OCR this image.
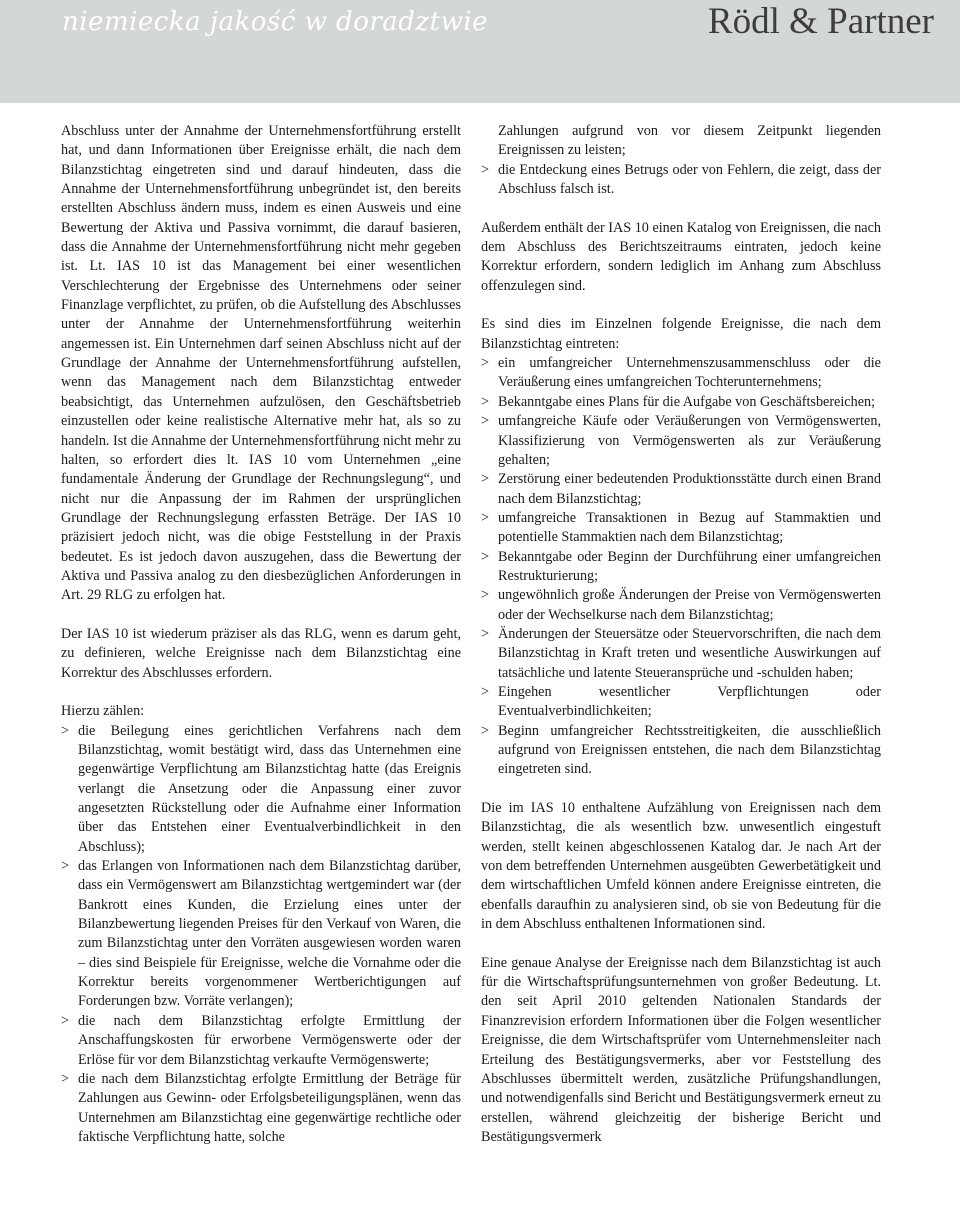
niemiecka jakość w doradztwie	Rödl & Partner

Abschluss unter der Annahme der Unternehmensfortführung erstellt hat, und dann Informationen über Ereignisse erhält, die nach dem Bilanzstichtag eingetreten sind und darauf hindeuten, dass die Annahme der Unternehmensfortführung unbegründet ist, den bereits erstellten Abschluss ändern muss, indem es einen Ausweis und eine Bewertung der Aktiva und Passiva vornimmt, die darauf basieren, dass die Annahme der Unternehmensfortführung nicht mehr gegeben ist. Lt. IAS 10 ist das Management bei einer wesentlichen Verschlechterung der Ergebnisse des Unternehmens oder seiner Finanzlage verpflichtet, zu prüfen, ob die Aufstellung des Abschlusses unter der Annahme der Unternehmensfortführung weiterhin angemessen ist. Ein Unternehmen darf seinen Abschluss nicht auf der Grundlage der Annahme der Unternehmensfortführung aufstellen, wenn das Management nach dem Bilanzstichtag entweder beabsichtigt, das Unternehmen aufzulösen, den Geschäftsbetrieb einzustellen oder keine realistische Alternative mehr hat, als so zu handeln. Ist die Annahme der Unternehmensfortführung nicht mehr zu halten, so erfordert dies lt. IAS 10 vom Unternehmen „eine fundamentale Änderung der Grundlage der Rechnungslegung“, und nicht nur die Anpassung der im Rahmen der ursprünglichen Grundlage der Rechnungslegung erfassten Beträge. Der IAS 10 präzisiert jedoch nicht, was die obige Feststellung in der Praxis bedeutet. Es ist jedoch davon auszugehen, dass die Bewertung der Aktiva und Passiva analog zu den diesbezüglichen Anforderungen in Art. 29 RLG zu erfolgen hat.

Der IAS 10 ist wiederum präziser als das RLG, wenn es darum geht, zu definieren, welche Ereignisse nach dem Bilanzstichtag eine Korrektur des Abschlusses erfordern.

Hierzu zählen:

> die Beilegung eines gerichtlichen Verfahrens nach dem Bilanzstichtag, womit bestätigt wird, dass das Unternehmen eine gegenwärtige Verpflichtung am Bilanzstichtag hatte (das Ereignis verlangt die Ansetzung oder die Anpassung einer zuvor angesetzten Rückstellung oder die Aufnahme einer Information über das Entstehen einer Eventualverbindlichkeit in den Abschluss);
> das Erlangen von Informationen nach dem Bilanzstichtag darüber, dass ein Vermögenswert am Bilanzstichtag wertgemindert war (der Bankrott eines Kunden, die Erzielung eines unter der Bilanzbewertung liegenden Preises für den Verkauf von Waren, die zum Bilanzstichtag unter den Vorräten ausgewiesen worden waren – dies sind Beispiele für Ereignisse, welche die Vornahme oder die Korrektur bereits vorgenommener Wertberichtigungen auf Forderungen bzw. Vorräte verlangen);
> die nach dem Bilanzstichtag erfolgte Ermittlung der Anschaffungskosten für erworbene Vermögenswerte oder der Erlöse für vor dem Bilanzstichtag verkaufte Vermögenswerte;
> die nach dem Bilanzstichtag erfolgte Ermittlung der Beträge für Zahlungen aus Gewinn- oder Erfolgsbeteiligungsplänen, wenn das Unternehmen am Bilanzstichtag eine gegenwärtige rechtliche oder faktische Verpflichtung hatte, solche
Zahlungen aufgrund von vor diesem Zeitpunkt liegenden Ereignissen zu leisten;
> die Entdeckung eines Betrugs oder von Fehlern, die zeigt, dass der Abschluss falsch ist.

Außerdem enthält der IAS 10 einen Katalog von Ereignissen, die nach dem Abschluss des Berichtszeitraums eintraten, jedoch keine Korrektur erfordern, sondern lediglich im Anhang zum Abschluss offenzulegen sind.

Es sind dies im Einzelnen folgende Ereignisse, die nach dem Bilanzstichtag eintreten:

> ein umfangreicher Unternehmenszusammenschluss oder die Veräußerung eines umfangreichen Tochterunternehmens;
> Bekanntgabe eines Plans für die Aufgabe von Geschäftsbereichen;
> umfangreiche Käufe oder Veräußerungen von Vermögenswerten, Klassifizierung von Vermögenswerten als zur Veräußerung gehalten;
> Zerstörung einer bedeutenden Produktionsstätte durch einen Brand nach dem Bilanzstichtag;
> umfangreiche Transaktionen in Bezug auf Stammaktien und potentielle Stammaktien nach dem Bilanzstichtag;
> Bekanntgabe oder Beginn der Durchführung einer umfangreichen Restrukturierung;
> ungewöhnlich große Änderungen der Preise von Vermögenswerten oder der Wechselkurse nach dem Bilanzstichtag;
> Änderungen der Steuersätze oder Steuervorschriften, die nach dem Bilanzstichtag in Kraft treten und wesentliche Auswirkungen auf tatsächliche und latente Steueransprüche und -schulden haben;
> Eingehen wesentlicher Verpflichtungen oder Eventualverbindlichkeiten;
> Beginn umfangreicher Rechtsstreitigkeiten, die ausschließlich aufgrund von Ereignissen entstehen, die nach dem Bilanzstichtag eingetreten sind.

Die im IAS 10 enthaltene Aufzählung von Ereignissen nach dem Bilanzstichtag, die als wesentlich bzw. unwesentlich eingestuft werden, stellt keinen abgeschlossenen Katalog dar. Je nach Art der von dem betreffenden Unternehmen ausgeübten Gewerbetätigkeit und dem wirtschaftlichen Umfeld können andere Ereignisse eintreten, die ebenfalls daraufhin zu analysieren sind, ob sie von Bedeutung für die in dem Abschluss enthaltenen Informationen sind.

Eine genaue Analyse der Ereignisse nach dem Bilanzstichtag ist auch für die Wirtschaftsprüfungsunternehmen von großer Bedeutung. Lt. den seit April 2010 geltenden Nationalen Standards der Finanzrevision erfordern Informationen über die Folgen wesentlicher Ereignisse, die dem Wirtschaftsprüfer vom Unternehmensleiter nach Erteilung des Bestätigungsvermerks, aber vor Feststellung des Abschlusses übermittelt werden, zusätzliche Prüfungshandlungen, und notwendigenfalls sind Bericht und Bestätigungsvermerk erneut zu erstellen, während gleichzeitig der bisherige Bericht und Bestätigungsvermerk
